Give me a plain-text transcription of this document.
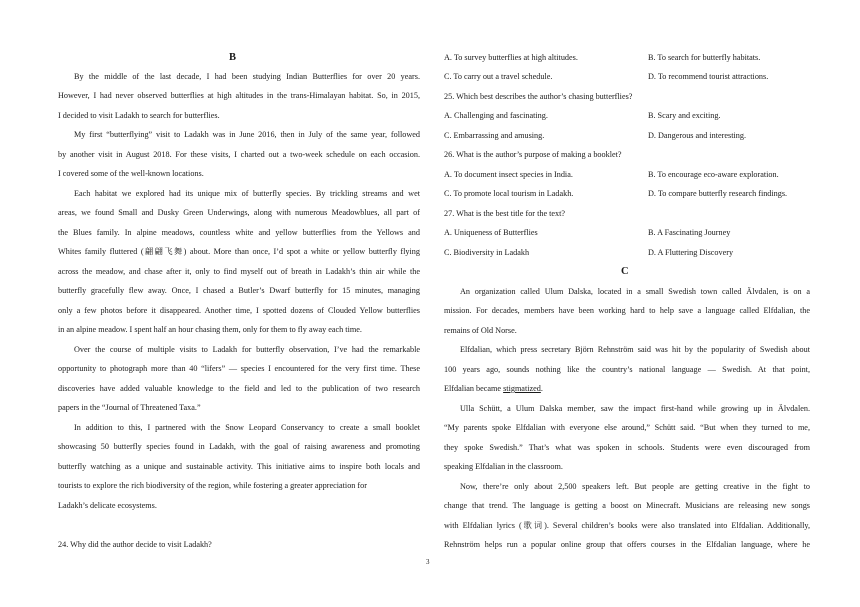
B
By the middle of the last decade, I had been studying Indian Butterflies for over 20 years.
However, I had never observed butterflies at high altitudes in the trans-Himalayan habitat. So, in 2015,
I decided to visit Ladakh to search for butterflies.
My first “butterflying” visit to Ladakh was in June 2016, then in July of the same year, followed
by another visit in August 2018. For these visits, I charted out a two-week schedule on each occasion.
I covered some of the well-known locations.
Each habitat we explored had its unique mix of butterfly species. By trickling streams and wet
areas, we found Small and Dusky Green Underwings, along with numerous Meadowblues, all part of
the Blues family. In alpine meadows, countless white and yellow butterflies from the Yellows and
Whites family fluttered (翩翩飞舞) about. More than once, I’d spot a white or yellow butterfly flying
across the meadow, and chase after it, only to find myself out of breath in Ladakh’s thin air while the
butterfly gracefully flew away. Once, I chased a Butler’s Dwarf butterfly for 15 minutes, managing
only a few photos before it disappeared. Another time, I spotted dozens of Clouded Yellow butterflies
in an alpine meadow. I spent half an hour chasing them, only for them to fly away each time.
Over the course of multiple visits to Ladakh for butterfly observation, I’ve had the remarkable
opportunity to photograph more than 40 “lifers” — species I encountered for the very first time. These
discoveries have added valuable knowledge to the field and led to the publication of two research
papers in the “Journal of Threatened Taxa.”
In addition to this, I partnered with the Snow Leopard Conservancy to create a small booklet
showcasing 50 butterfly species found in Ladakh, with the goal of raising awareness and promoting
butterfly watching as a unique and sustainable activity. This initiative aims to inspire both locals and
tourists to explore the rich biodiversity of the region, while fostering a greater appreciation for
Ladakh’s delicate ecosystems.
24. Why did the author decide to visit Ladakh?
A. To survey butterflies at high altitudes.	B. To search for butterfly habitats.
C. To carry out a travel schedule.	D. To recommend tourist attractions.
25. Which best describes the author’s chasing butterflies?
A. Challenging and fascinating.	B. Scary and exciting.
C. Embarrassing and amusing.	D. Dangerous and interesting.
26. What is the author’s purpose of making a booklet?
A. To document insect species in India.	B. To encourage eco-aware exploration.
C. To promote local tourism in Ladakh.	D. To compare butterfly research findings.
27. What is the best title for the text?
A. Uniqueness of Butterflies	B. A Fascinating Journey
C. Biodiversity in Ladakh	D. A Fluttering Discovery
C
An organization called Ulum Dalska, located in a small Swedish town called Älvdalen, is on a
mission. For decades, members have been working hard to help save a language called Elfdalian, the
remains of Old Norse.
Elfdalian, which press secretary Björn Rehnström said was hit by the popularity of Swedish about
100 years ago, sounds nothing like the country’s national language — Swedish. At that point,
Elfdalian became stigmatized.
Ulla Schütt, a Ulum Dalska member, saw the impact first-hand while growing up in Älvdalen.
“My parents spoke Elfdalian with everyone else around,” Schütt said. “But when they turned to me,
they spoke Swedish.” That’s what was spoken in schools. Students were even discouraged from
speaking Elfdalian in the classroom.
Now, there’re only about 2,500 speakers left. But people are getting creative in the fight to
change that trend. The language is getting a boost on Minecraft. Musicians are releasing new songs
with Elfdalian lyrics (歌词). Several children’s books were also translated into Elfdalian. Additionally,
Rehnström helps run a popular online group that offers courses in the Elfdalian language, where he
3
